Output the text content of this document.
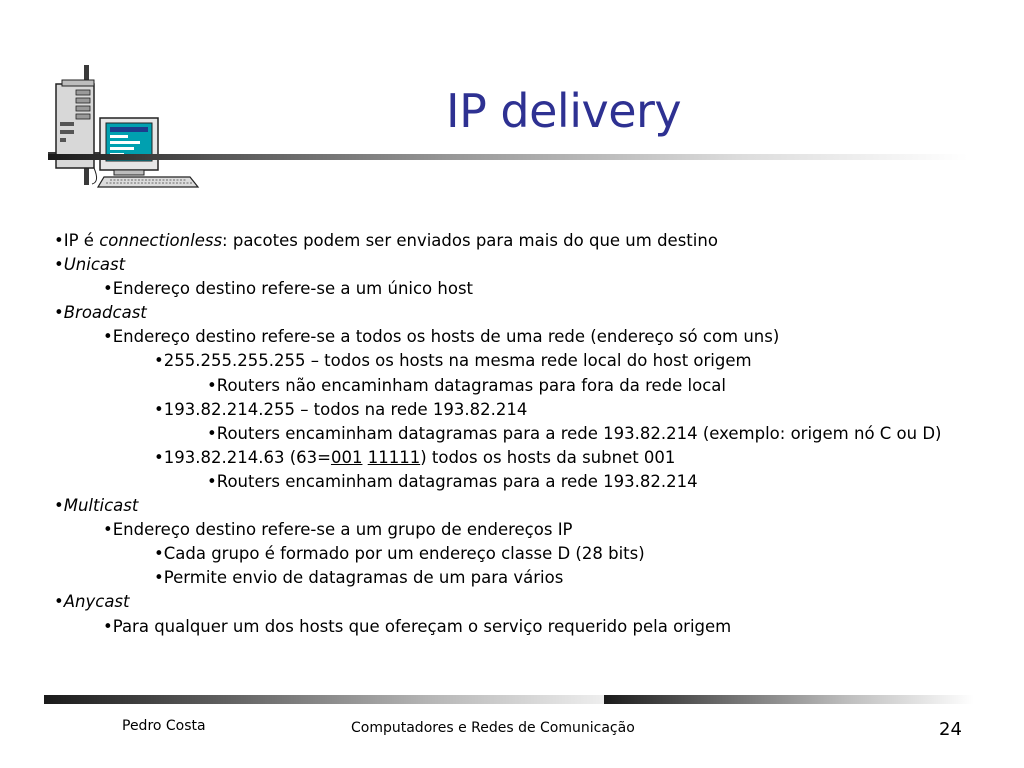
IP delivery
•IP é connectionless: pacotes podem ser enviados para mais do que um destino
•Unicast
•Endereço destino refere-se a um único host
•Broadcast
•Endereço destino refere-se a todos os hosts de uma rede (endereço só com uns)
•255.255.255.255 – todos os hosts na mesma rede local do host origem
•Routers não encaminham datagramas para fora da rede local
•193.82.214.255 – todos na rede 193.82.214
•Routers encaminham datagramas para a rede 193.82.214 (exemplo: origem nó C ou D)
•193.82.214.63 (63=001 11111) todos os hosts da subnet 001
•Routers encaminham datagramas para a rede 193.82.214
•Multicast
•Endereço destino refere-se a um grupo de endereços IP
•Cada grupo é formado por um endereço classe D (28 bits)
•Permite envio de datagramas de um para vários
•Anycast
•Para qualquer um dos hosts que ofereçam o serviço requerido pela origem
Pedro Costa	Computadores e Redes de Comunicação	24
